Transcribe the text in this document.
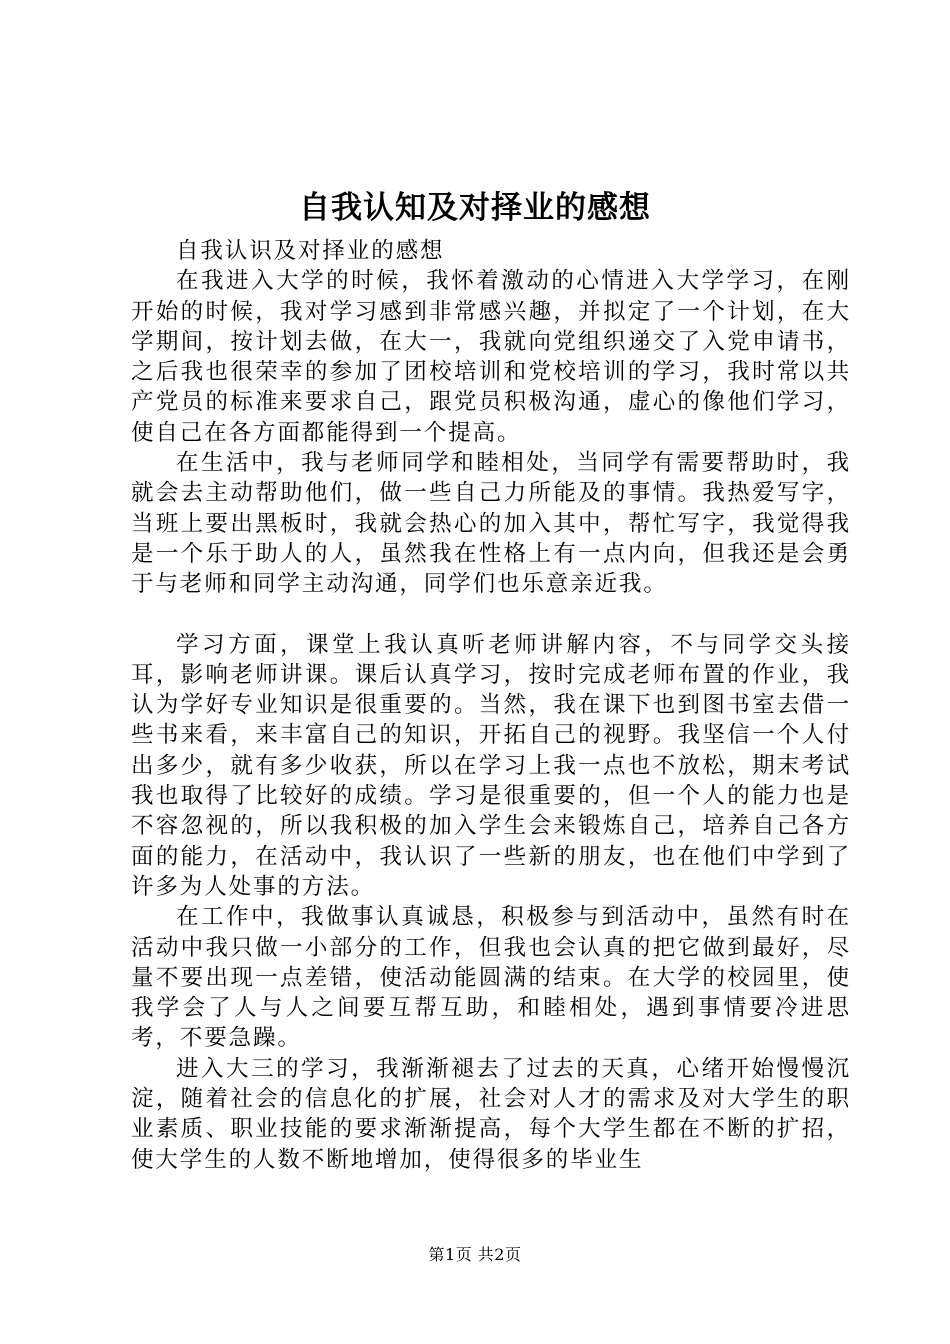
自我认知及对择业的感想

自我认识及对择业的感想

在我进入大学的时候，我怀着激动的心情进入大学学习，在刚开始的时候，我对学习感到非常感兴趣，并拟定了一个计划，在大学期间，按计划去做，在大一，我就向党组织递交了入党申请书，之后我也很荣幸的参加了团校培训和党校培训的学习，我时常以共产党员的标准来要求自己，跟党员积极沟通，虚心的像他们学习，使自己在各方面都能得到一个提高。

在生活中，我与老师同学和睦相处，当同学有需要帮助时，我就会去主动帮助他们，做一些自己力所能及的事情。我热爱写字，当班上要出黑板时，我就会热心的加入其中，帮忙写字，我觉得我是一个乐于助人的人，虽然我在性格上有一点内向，但我还是会勇于与老师和同学主动沟通，同学们也乐意亲近我。

学习方面，课堂上我认真听老师讲解内容，不与同学交头接耳，影响老师讲课。课后认真学习，按时完成老师布置的作业，我认为学好专业知识是很重要的。当然，我在课下也到图书室去借一些书来看，来丰富自己的知识，开拓自己的视野。我坚信一个人付出多少，就有多少收获，所以在学习上我一点也不放松，期末考试我也取得了比较好的成绩。学习是很重要的，但一个人的能力也是不容忽视的，所以我积极的加入学生会来锻炼自己，培养自己各方面的能力，在活动中，我认识了一些新的朋友，也在他们中学到了许多为人处事的方法。

在工作中，我做事认真诚恳，积极参与到活动中，虽然有时在活动中我只做一小部分的工作，但我也会认真的把它做到最好，尽量不要出现一点差错，使活动能圆满的结束。在大学的校园里，使我学会了人与人之间要互帮互助，和睦相处，遇到事情要冷进思考，不要急躁。

进入大三的学习，我渐渐褪去了过去的天真，心绪开始慢慢沉淀，随着社会的信息化的扩展，社会对人才的需求及对大学生的职业素质、职业技能的要求渐渐提高，每个大学生都在不断的扩招，使大学生的人数不断地增加，使得很多的毕业生

第1页 共2页
